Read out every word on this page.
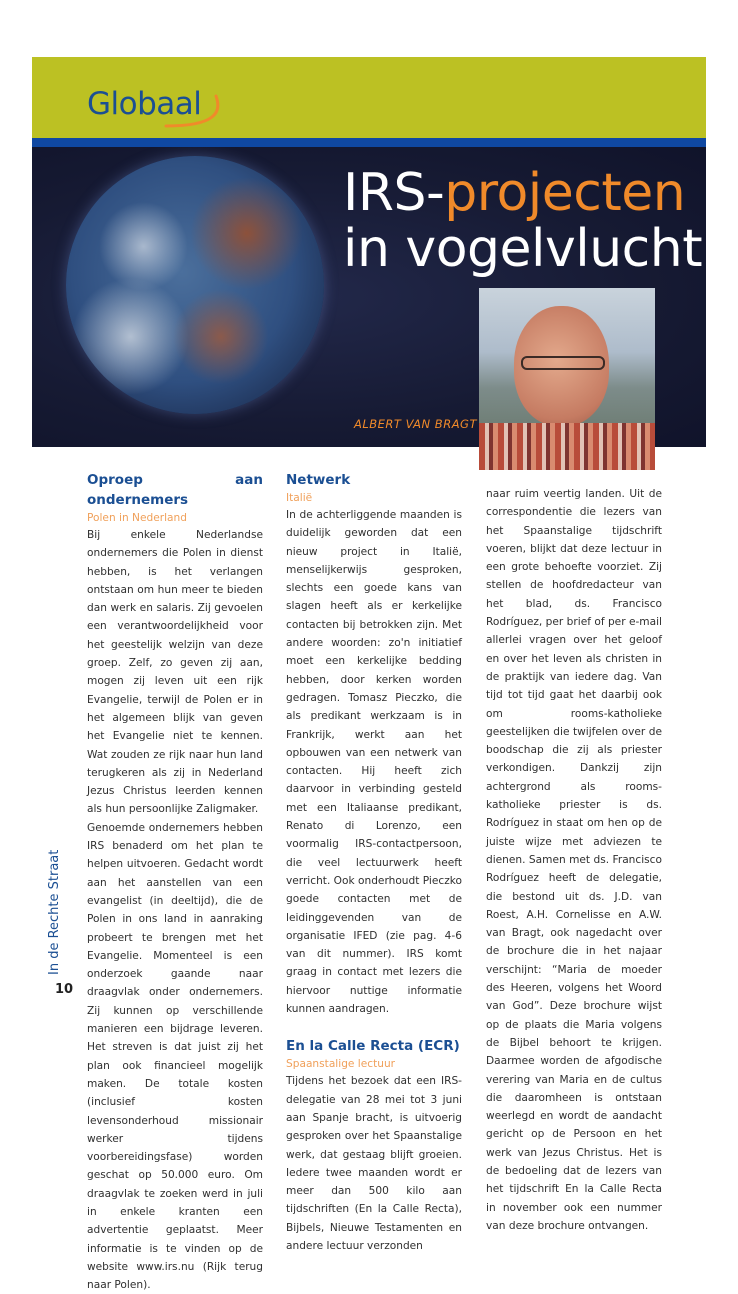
Globaal
IRS-projecten
in vogelvlucht
ALBERT VAN BRAGT
Oproep aan ondernemers
Polen in Nederland

Bij enkele Nederlandse ondernemers die Polen in dienst hebben, is het verlangen ontstaan om hun meer te bieden dan werk en salaris. Zij gevoelen een verantwoordelijkheid voor het geestelijk welzijn van deze groep. Zelf, zo geven zij aan, mogen zij leven uit een rijk Evangelie, terwijl de Polen er in het algemeen blijk van geven het Evangelie niet te kennen. Wat zouden ze rijk naar hun land terugkeren als zij in Nederland Jezus Christus leerden kennen als hun persoonlijke Zaligmaker.

Genoemde ondernemers hebben IRS benaderd om het plan te helpen uitvoeren. Gedacht wordt aan het aanstellen van een evangelist (in deeltijd), die de Polen in ons land in aanraking probeert te brengen met het Evangelie. Momenteel is een onderzoek gaande naar draagvlak onder ondernemers. Zij kunnen op verschillende manieren een bijdrage leveren. Het streven is dat juist zij het plan ook financieel mogelijk maken. De totale kosten (inclusief kosten levensonderhoud missionair werker tijdens voorbereidingsfase) worden geschat op 50.000 euro. Om draagvlak te zoeken werd in juli in enkele kranten een advertentie geplaatst. Meer informatie is te vinden op de website www.irs.nu (Rijk terug naar Polen).

Netwerk
Italië

In de achterliggende maanden is duidelijk geworden dat een nieuw project in Italië, menselijkerwijs gesproken, slechts een goede kans van slagen heeft als er kerkelijke contacten bij betrokken zijn. Met andere woorden: zo'n initiatief moet een kerkelijke bedding hebben, door kerken worden gedragen. Tomasz Pieczko, die als predikant werkzaam is in Frankrijk, werkt aan het opbouwen van een netwerk van contacten. Hij heeft zich daarvoor in verbinding gesteld met een Italiaanse predikant, Renato di Lorenzo, een voormalig IRS-contactpersoon, die veel lectuurwerk heeft verricht. Ook onderhoudt Pieczko goede contacten met de leidinggevenden van de organisatie IFED (zie pag. 4-6 van dit nummer). IRS komt graag in contact met lezers die hiervoor nuttige informatie kunnen aandragen.

En la Calle Recta (ECR)
Spaanstalige lectuur

Tijdens het bezoek dat een IRS-delegatie van 28 mei tot 3 juni aan Spanje bracht, is uitvoerig gesproken over het Spaanstalige werk, dat gestaag blijft groeien. Iedere twee maanden wordt er meer dan 500 kilo aan tijdschriften (En la Calle Recta), Bijbels, Nieuwe Testamenten en andere lectuur verzonden

naar ruim veertig landen. Uit de correspondentie die lezers van het Spaanstalige tijdschrift voeren, blijkt dat deze lectuur in een grote behoefte voorziet. Zij stellen de hoofdredacteur van het blad, ds. Francisco Rodríguez, per brief of per e-mail allerlei vragen over het geloof en over het leven als christen in de praktijk van iedere dag. Van tijd tot tijd gaat het daarbij ook om rooms-katholieke geestelijken die twijfelen over de boodschap die zij als priester verkondigen. Dankzij zijn achtergrond als rooms-katholieke priester is ds. Rodríguez in staat om hen op de juiste wijze met adviezen te dienen. Samen met ds. Francisco Rodríguez heeft de delegatie, die bestond uit ds. J.D. van Roest, A.H. Cornelisse en A.W. van Bragt, ook nagedacht over de brochure die in het najaar verschijnt: “Maria de moeder des Heeren, volgens het Woord van God”. Deze brochure wijst op de plaats die Maria volgens de Bijbel behoort te krijgen. Daarmee worden de afgodische verering van Maria en de cultus die daaromheen is ontstaan weerlegd en wordt de aandacht gericht op de Persoon en het werk van Jezus Christus. Het is de bedoeling dat de lezers van het tijdschrift En la Calle Recta in november ook een nummer van deze brochure ontvangen.

In de Rechte Straat
10
